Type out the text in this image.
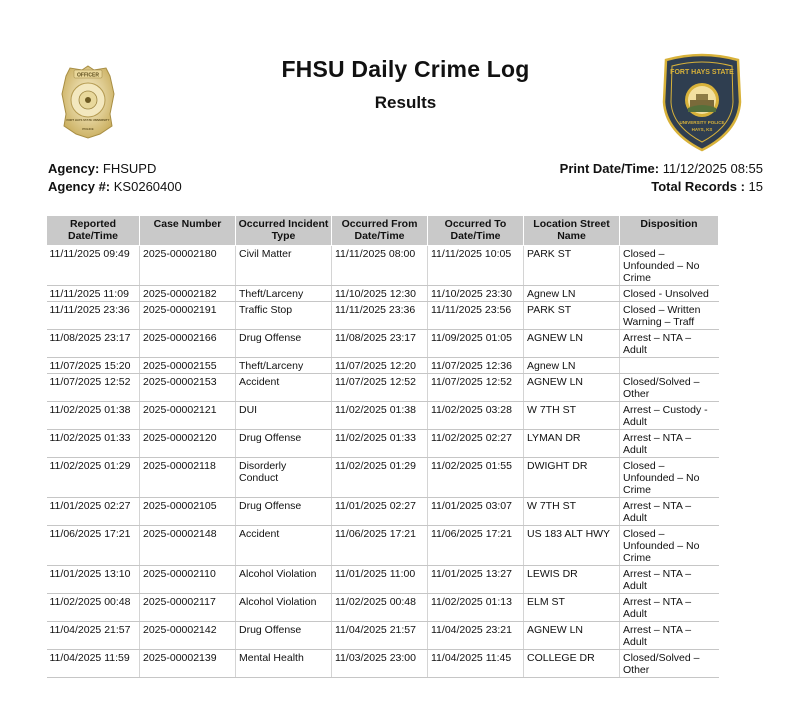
OFFICER
FORT HAYS STATE UNIVERSITY
POLICE
FORT HAYS STATE
UNIVERSITY POLICE
HAYS, KS
FHSU Daily Crime Log
Results
Agency: FHSUPD
Agency #: KS0260400
Print Date/Time: 11/12/2025 08:55
Total Records : 15
Reported Date/Time	Case Number	Occurred Incident Type	Occurred From Date/Time	Occurred To Date/Time	Location Street Name	Disposition
11/11/2025 09:49	2025-00002180	Civil Matter	11/11/2025 08:00	11/11/2025 10:05	PARK ST	Closed – Unfounded – No Crime
11/11/2025 11:09	2025-00002182	Theft/Larceny	11/10/2025 12:30	11/10/2025 23:30	Agnew LN	Closed - Unsolved
11/11/2025 23:36	2025-00002191	Traffic Stop	11/11/2025 23:36	11/11/2025 23:56	PARK ST	Closed – Written Warning – Traff
11/08/2025 23:17	2025-00002166	Drug Offense	11/08/2025 23:17	11/09/2025 01:05	AGNEW LN	Arrest – NTA – Adult
11/07/2025 15:20	2025-00002155	Theft/Larceny	11/07/2025 12:20	11/07/2025 12:36	Agnew LN	
11/07/2025 12:52	2025-00002153	Accident	11/07/2025 12:52	11/07/2025 12:52	AGNEW LN	Closed/Solved – Other
11/02/2025 01:38	2025-00002121	DUI	11/02/2025 01:38	11/02/2025 03:28	W 7TH ST	Arrest – Custody - Adult
11/02/2025 01:33	2025-00002120	Drug Offense	11/02/2025 01:33	11/02/2025 02:27	LYMAN DR	Arrest – NTA – Adult
11/02/2025 01:29	2025-00002118	Disorderly Conduct	11/02/2025 01:29	11/02/2025 01:55	DWIGHT DR	Closed – Unfounded – No Crime
11/01/2025 02:27	2025-00002105	Drug Offense	11/01/2025 02:27	11/01/2025 03:07	W 7TH ST	Arrest – NTA – Adult
11/06/2025 17:21	2025-00002148	Accident	11/06/2025 17:21	11/06/2025 17:21	US 183 ALT HWY	Closed – Unfounded – No Crime
11/01/2025 13:10	2025-00002110	Alcohol Violation	11/01/2025 11:00	11/01/2025 13:27	LEWIS DR	Arrest – NTA – Adult
11/02/2025 00:48	2025-00002117	Alcohol Violation	11/02/2025 00:48	11/02/2025 01:13	ELM ST	Arrest – NTA – Adult
11/04/2025 21:57	2025-00002142	Drug Offense	11/04/2025 21:57	11/04/2025 23:21	AGNEW LN	Arrest – NTA – Adult
11/04/2025 11:59	2025-00002139	Mental Health	11/03/2025 23:00	11/04/2025 11:45	COLLEGE DR	Closed/Solved – Other
